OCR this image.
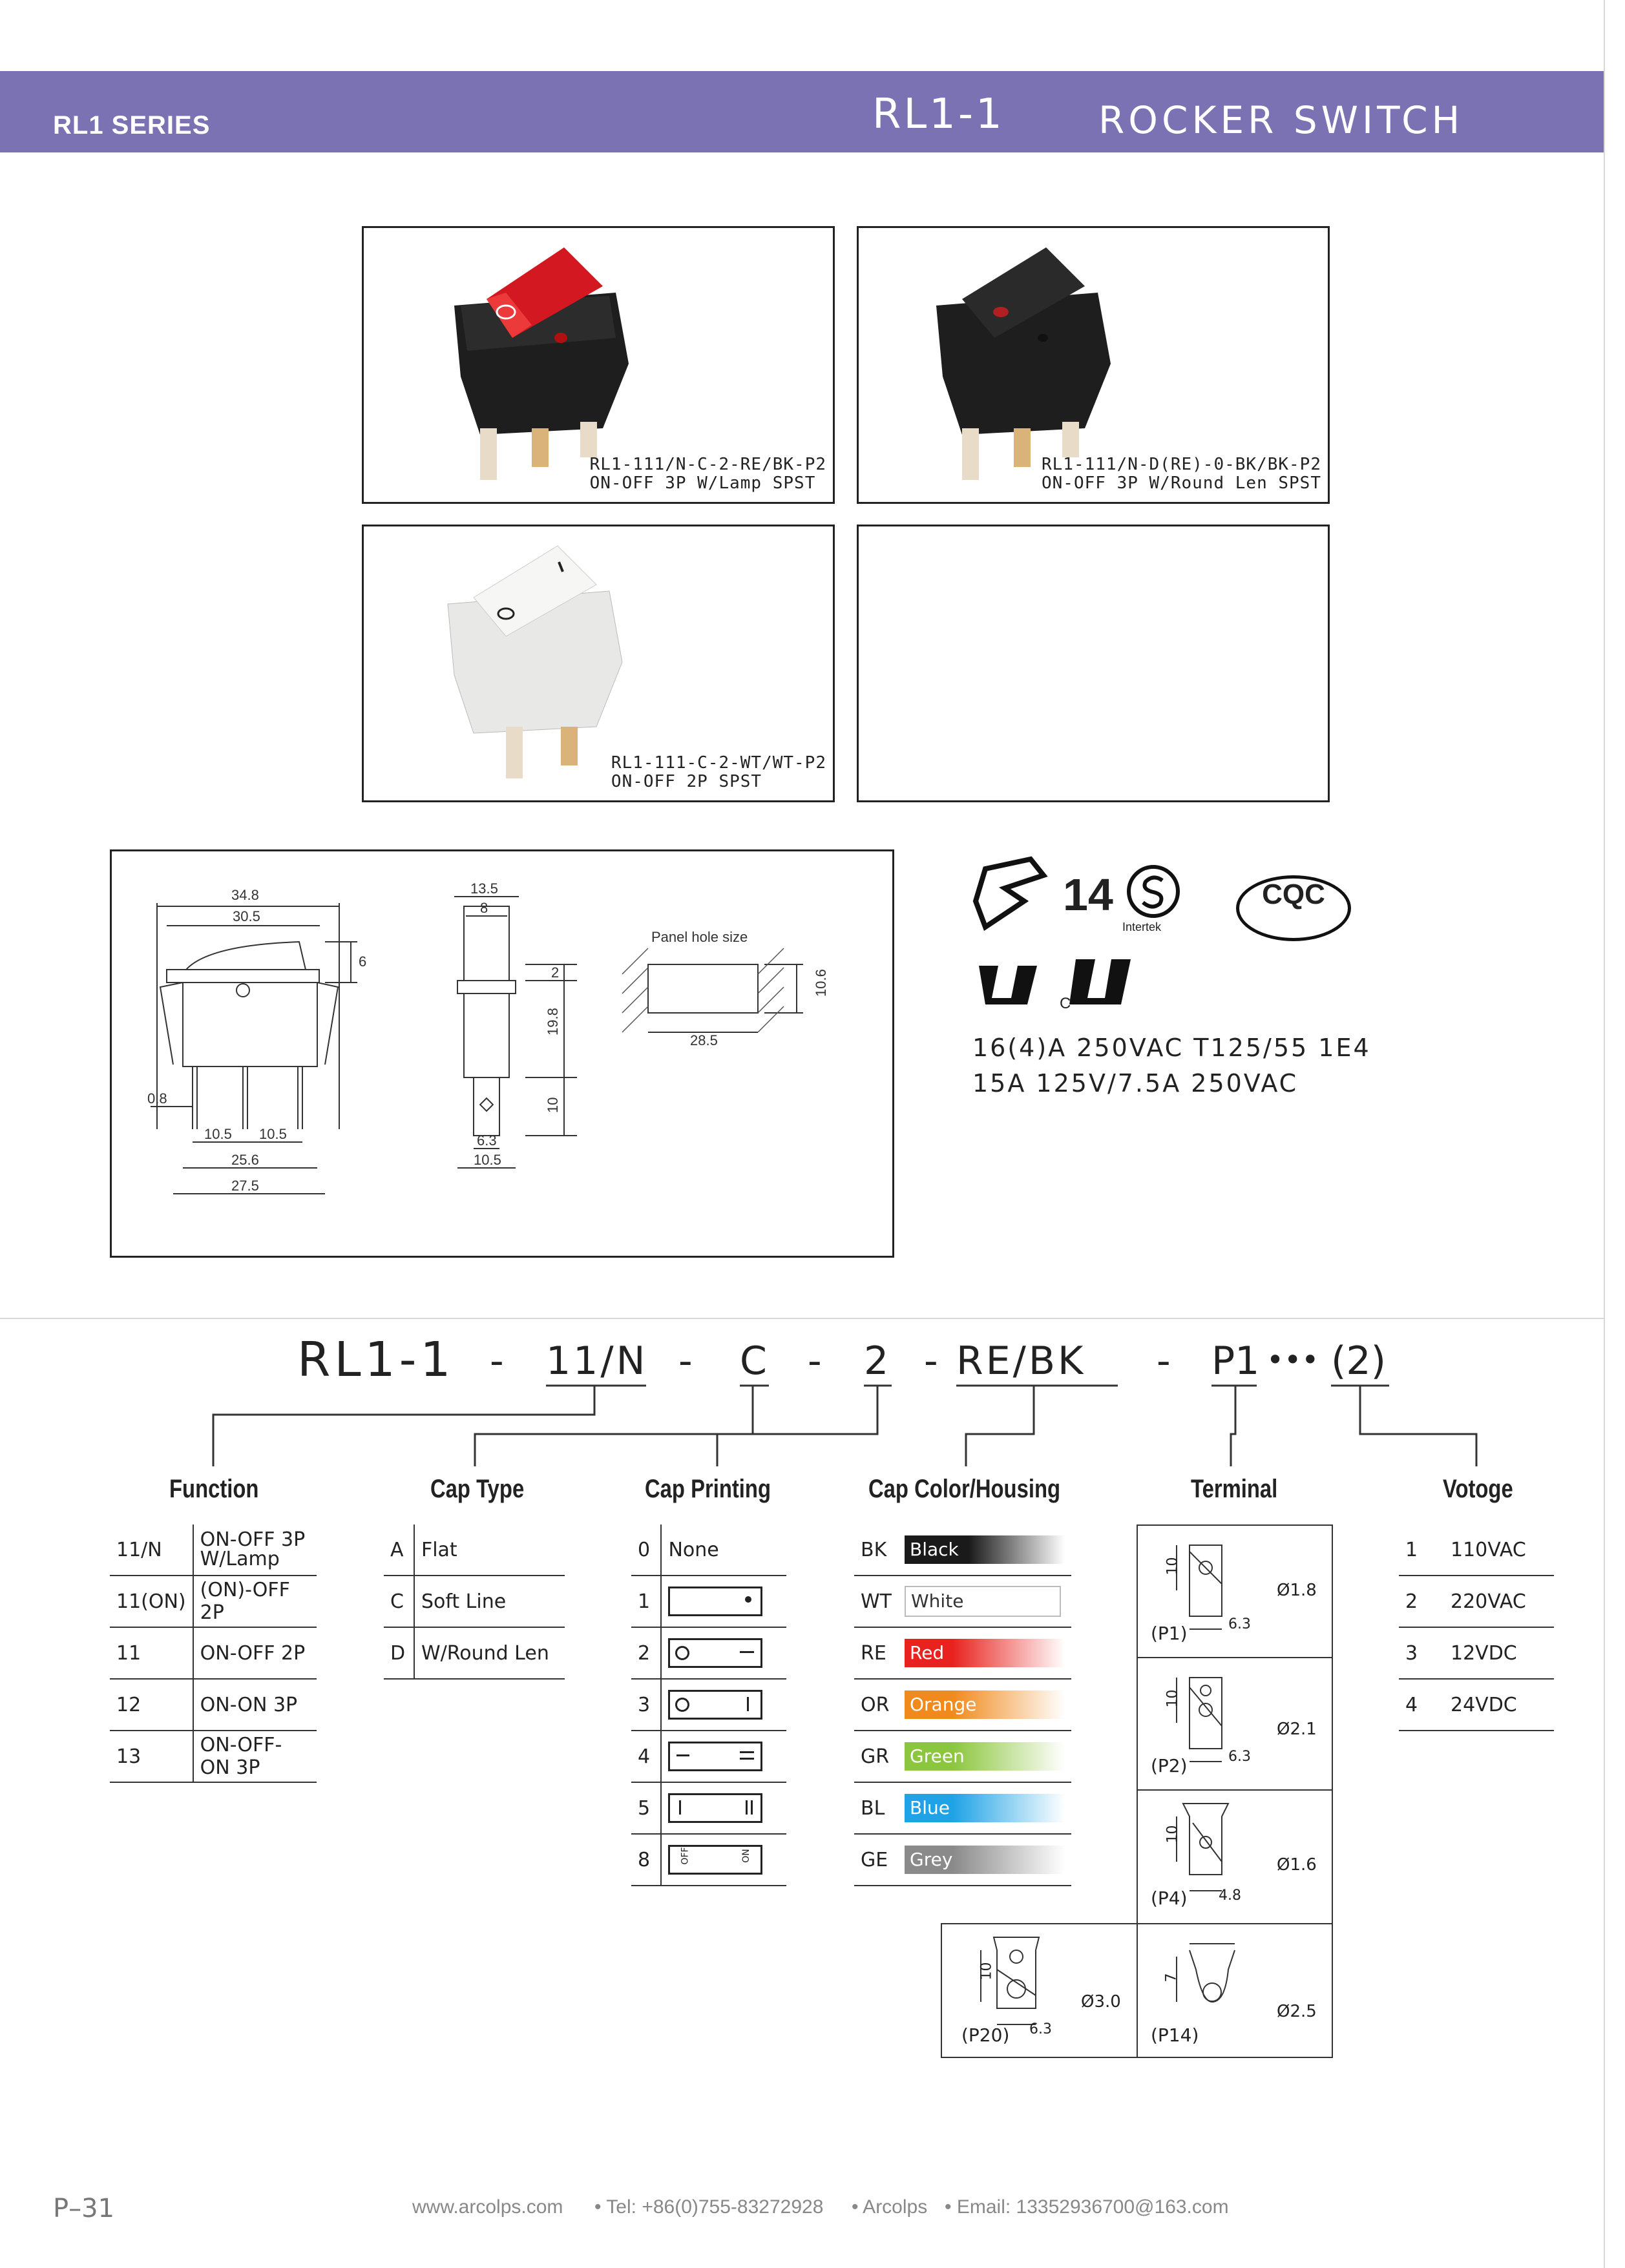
RL1 SERIES	RL1-1	ROCKER SWITCH
RL1-111/N-C-2-RE/BK-P2
ON-OFF 3P W/Lamp SPST
RL1-111/N-D(RE)-0-BK/BK-P2
ON-OFF 3P W/Round Len SPST
RL1-111-C-2-WT/WT-P2
ON-OFF 2P SPST
34.8
30.5
6
0.8
10.5 10.5
25.6
27.5
13.5
8
2
19.8
10
6.3
10.5
28.5
10.6
Panel hole size
14
Intertek
CQC
C
16(4)A 250VAC T125/55 1E4
15A 125V/7.5A 250VAC
RL1-1 - 11/N - C - 2 - RE/BK - P1 ••• (2)
Function
11/N	ON-OFF 3P
W/Lamp
11(ON)	(ON)-OFF 2P
11	ON-OFF 2P
12	ON-ON 3P
13	ON-OFF-ON 3P
Cap Type
A	Flat
C	Soft Line
D	W/Round Len
Cap Printing
0	None
1	

2	

3	

4	

5	

8	OFF ON
Cap Color/Housing
BK	Black
WT	White
RE	Red
OR	Orange
GR	Green
BL	Blue
GE	Grey
Terminal
(P1)
10
6.3
Ø1.8
(P2)
10
6.3
Ø2.1
(P4)
10
4.8
Ø1.6
(P20)
10
6.3
Ø3.0
(P14)
7
Ø2.5
Votoge
1	110VAC
2	220VAC
3	12VDC
4	24VDC
P–31	www.arcolps.com • Tel: +86(0)755-83272928 • Arcolps • Email: 13352936700@163.com
